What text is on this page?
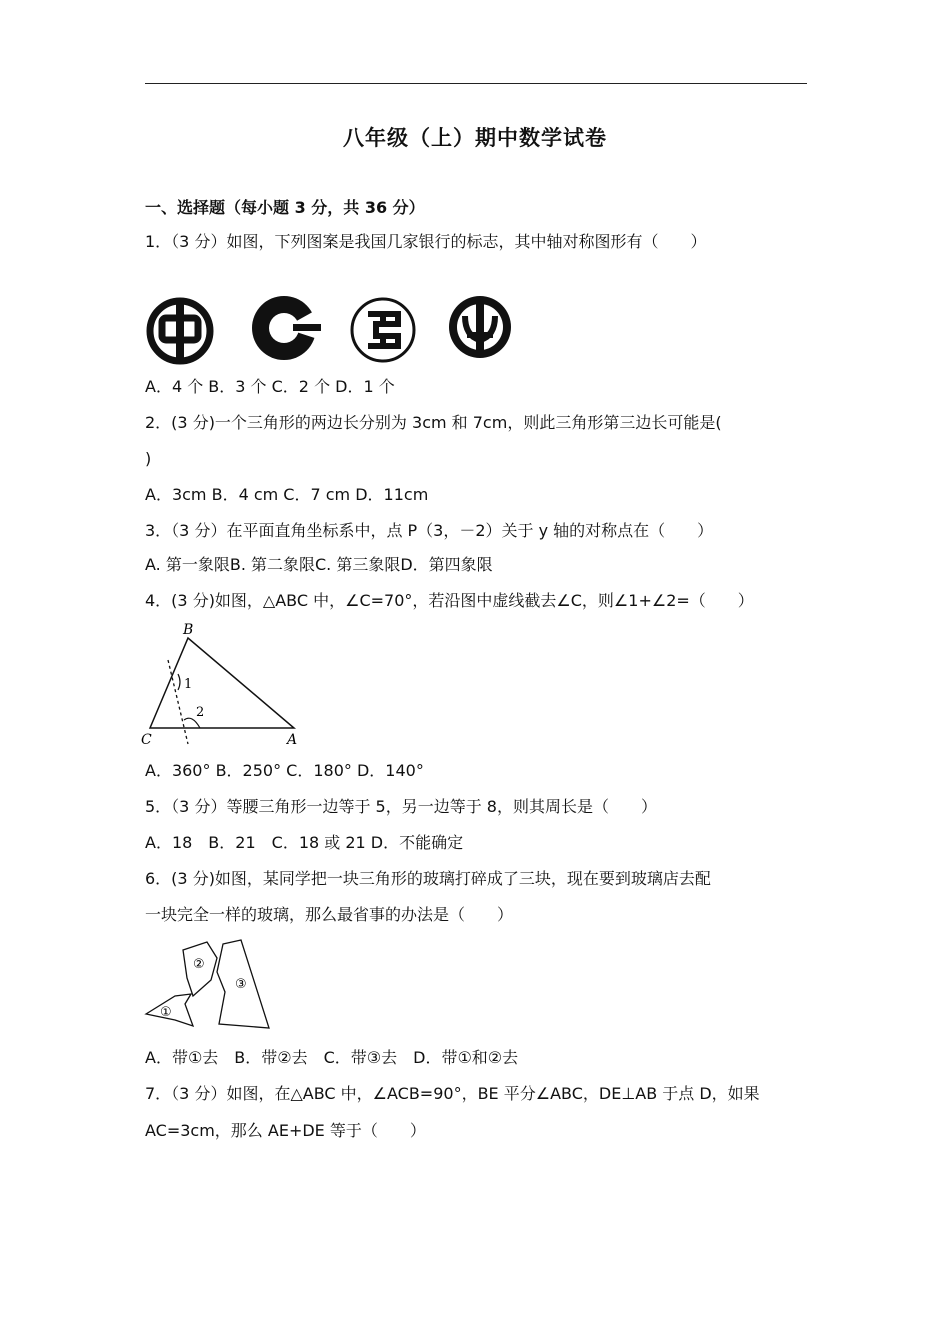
八年级（上）期中数学试卷
一、选择题（每小题 3 分，共 36 分）
1．（3 分）如图，下列图案是我国几家银行的标志，其中轴对称图形有（　　）
A．4 个 B．3 个 C．2 个 D．1 个
2．(3 分)一个三角形的两边长分别为 3cm 和 7cm，则此三角形第三边长可能是(
)
A．3cm B．4 cm C．7 cm D．11cm
3．（3 分）在平面直角坐标系中，点 P（3，－2）关于 y 轴的对称点在（　　）
A. 第一象限B. 第二象限C. 第三象限D．第四象限
4．(3 分)如图，△ABC 中，∠C=70°，若沿图中虚线截去∠C，则∠1+∠2=（　　）
B
C	A
1
2
A．360° B．250° C．180° D．140°
5．（3 分）等腰三角形一边等于 5，另一边等于 8，则其周长是（　　）
A．18　B．21　C．18 或 21 D．不能确定
6．(3 分)如图，某同学把一块三角形的玻璃打碎成了三块，现在要到玻璃店去配
一块完全一样的玻璃，那么最省事的办法是（　　）
①
②
③
A．带①去　B．带②去　C．带③去　D．带①和②去
7．（3 分）如图，在△ABC 中，∠ACB=90°，BE 平分∠ABC，DE⊥AB 于点 D，如果
AC=3cm，那么 AE+DE 等于（　　）
